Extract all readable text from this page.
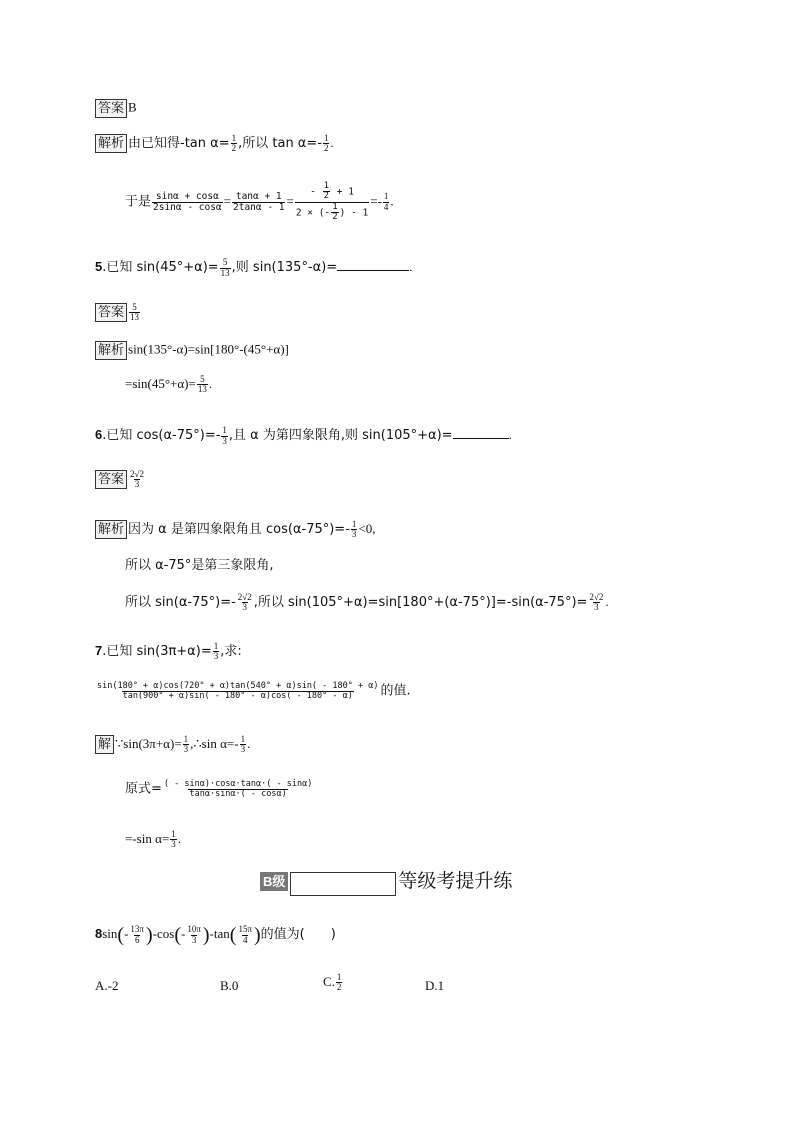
答案 B
解析 由已知得-tan $\alpha= \frac{1}{2}$ ,所以 $\tan \alpha=- \frac{1}{2}$ .
于是 $\frac{\sin\alpha + \cos\alpha}{2\sin\alpha - \cos\alpha} = \frac{\tan\alpha + 1}{2\tan\alpha - 1} = \frac{- \frac{1}{2} + 1}{2 \times (- \frac{1}{2} ) - 1} =- \frac{1}{4}$ .
5.已知 $\sin(45^\circ+\alpha)= \frac{5}{13}$ ,则 sin(135°-α)=	.
答案 $\frac{5}{13}$
解析 sin(135°-α)=sin[180°-(45°+α)]
$=\sin(45^\circ+\alpha)= \frac{5}{13}$ .
6.已知 $\cos(\alpha-75^\circ)=- \frac{1}{3}$ ,且 α 为第四象限角,则 sin(105°+α)=	.
答案 $\frac{2√2}{3}$
解析 因为 α 是第四象限角且 $\cos(\alpha-75^\circ)=- \frac{1}{3} <0$,
所以 α-75°是第三象限角,
所以 $\sin(\alpha-75^\circ)=- \frac{2√2}{3}$ ,所以 $\sin(105^\circ+\alpha)=\sin[180^\circ+(\alpha-75^\circ)]=-\sin(\alpha-75^\circ)= \frac{2√2}{3}$ .
7.已知 $\sin(3\pi+\alpha)= \frac{1}{3}$ ,求:
$\frac{\sin(180^\circ + \alpha)\cos(720^\circ + \alpha)\tan(540^\circ + \alpha)\sin( - 180^\circ + \alpha)}{\tan(900^\circ + \alpha)\sin( - 180^\circ - \alpha)\cos( - 180^\circ - \alpha)}$ 的值.
解 ∵sin(3π+α)= $\frac{1}{3}$ ,∴sin $\alpha=- \frac{1}{3}$ .
原式= $\frac{( - \sin\alpha)\cdot\cos\alpha\cdot\tan\alpha\cdot( - \sin\alpha)}{\tan\alpha\cdot\sin\alpha\cdot( - \cos\alpha)}$
=-sin $\alpha= \frac{1}{3}$ .
B级	等级考提升练
$8\sin(- \frac{13\pi}{6} )-\cos(- \frac{10\pi}{3} )-\tan( \frac{15\pi}{4}$ )的值为(　　)
A.-2	B.0	C. $\frac{1}{2}$	D.1
